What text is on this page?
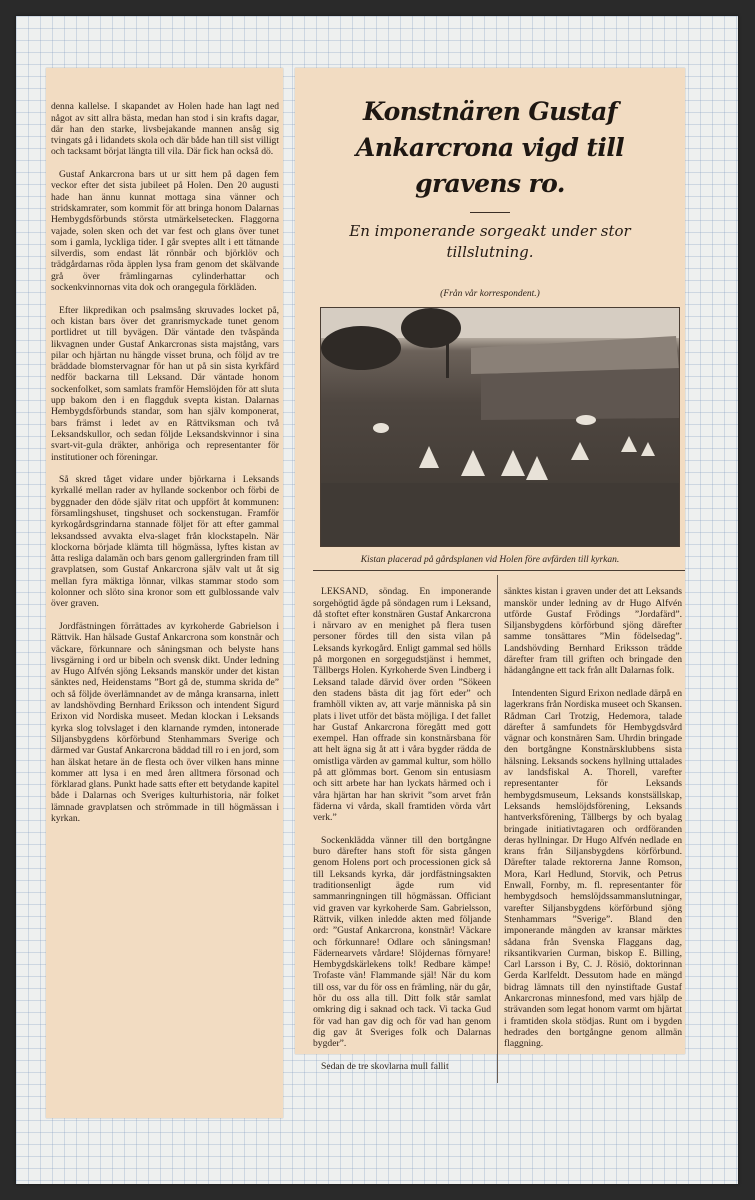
denna kallelse. I skapandet av Holen hade han lagt ned något av sitt allra bästa, medan han stod i sin krafts dagar, där han den starke, livsbejakande mannen ansåg sig tvingats gå i lidandets skola och där både han till sist villigt och tacksamt börjat längta till vila. Där fick han också dö.

Gustaf Ankarcrona bars ut ur sitt hem på dagen fem veckor efter det sista jubileet på Holen. Den 20 augusti hade han ännu kunnat mottaga sina vänner och stridskamrater, som kommit för att bringa honom Dalarnas Hembygdsförbunds största utmärkelsetecken. Flaggorna vajade, solen sken och det var fest och glans över tunet som i gamla, lyckliga tider. I går sveptes allt i ett tätnande silverdis, som endast lät rönnbär och björklöv och trädgårdarnas röda äpplen lysa fram genom det skälvande grå över främlingarnas cylinderhattar och sockenkvinnornas vita dok och orangegula förkläden.

Efter likpredikan och psalmsång skruvades locket på, och kistan bars över det granrismyckade tunet genom portlidret ut till byvägen. Där väntade den tvåspända likvagnen under Gustaf Ankarcronas sista majstång, vars pilar och hjärtan nu hängde visset bruna, och följd av tre bräddade blomstervagnar för han ut på sin sista kyrkfärd nedför backarna till Leksand. Där väntade honom sockenfolket, som samlats framför Hemslöjden för att sluta upp bakom den i en flaggduk svepta kistan. Dalarnas Hembygdsförbunds standar, som han själv komponerat, bars främst i ledet av en Rättviksman och två Leksandskullor, och sedan följde Leksandskvinnor i sina svart-vit-gula dräkter, anhöriga och representanter för institutioner och föreningar.

Så skred tåget vidare under björkarna i Leksands kyrkallé mellan rader av hyllande sockenbor och förbi de byggnader den döde själv ritat och uppfört åt kommunen: församlingshuset, tingshuset och sockenstugan. Framför kyrkogårdsgrindarna stannade följet för att efter gammal leksandssed avvakta elva-slaget från klockstapeln. När klockorna började klämta till högmässa, lyftes kistan av åtta resliga dalamän och bars genom gallergrinden fram till gravplatsen, som Gustaf Ankarcrona själv valt ut åt sig mellan fyra mäktiga lönnar, vilkas stammar stodo som kolonner och slöto sina kronor som ett gulblossande valv över graven.

Jordfästningen förrättades av kyrkoherde Gabrielson i Rättvik. Han hälsade Gustaf Ankarcrona som konstnär och väckare, förkunnare och såningsman och belyste hans livsgärning i ord ur bibeln och svensk dikt. Under ledning av Hugo Alfvén sjöng Leksands manskör under det kistan sänktes ned, Heidenstams ”Bort gå de, stumma skrida de” och så följde överlämnandet av de många kransarna, inlett av landshövding Bernhard Eriksson och intendent Sigurd Erixon vid Nordiska museet. Medan klockan i Leksands kyrka slog tolvslaget i den klarnande rymden, intonerade Siljansbygdens körförbund Stenhammars Sverige och därmed var Gustaf Ankarcrona bäddad till ro i en jord, som han älskat hetare än de flesta och över vilken hans minne kommer att lysa i en med åren alltmera försonad och förklarad glans. Punkt hade satts efter ett betydande kapitel både i Dalarnas och Sveriges kulturhistoria, när folket lämnade gravplatsen och strömmade in till högmässan i kyrkan.

Konstnären Gustaf Ankarcrona vigd till gravens ro.
En imponerande sorgeakt under stor tillslutning.
(Från vår korrespondent.)
Kistan placerad på gårdsplanen vid Holen före avfärden till kyrkan.

LEKSAND, söndag. En imponerande sorgehögtid ägde på söndagen rum i Leksand, då stoftet efter konstnären Gustaf Ankarcrona i närvaro av en menighet på flera tusen personer fördes till den sista vilan på Leksands kyrkogård. Enligt gammal sed hölls på morgonen en sorgegudstjänst i hemmet, Tällbergs Holen. Kyrkoherde Sven Lindberg i Leksand talade därvid över orden ”Sökeen den stadens bästa dit jag fört eder” och framhöll vikten av, att varje människa på sin plats i livet utför det bästa möjliga. I det fallet har Gustaf Ankarcrona föregått med gott exempel. Han offrade sin konstnärsbana för att helt ägna sig åt att i våra bygder rädda de omistliga värden av gammal kultur, som höllo på att glömmas bort. Genom sin entusiasm och sitt arbete har han lyckats härmed och i våra hjärtan har han skrivit ”som arvet från fäderna vi vårda, skall framtiden vörda vårt verk.”

Sockenklädda vänner till den bortgångne buro därefter hans stoft för sista gången genom Holens port och processionen gick så till Leksands kyrka, där jordfästningsakten traditionsenligt ägde rum vid sammanringningen till högmässan. Officiant vid graven var kyrkoherde Sam. Gabrielsson, Rättvik, vilken inledde akten med följande ord: ”Gustaf Ankarcrona, konstnär! Väckare och förkunnare! Odlare och såningsman! Fädernearvets vårdare! Slöjdernas förnyare! Hembygdskärlekens tolk! Redbare kämpe! Trofaste vän! Flammande själ! När du kom till oss, var du för oss en främling, när du går, hör du oss alla till. Ditt folk står samlat omkring dig i saknad och tack. Vi tacka Gud för vad han gav dig och för vad han genom dig gav åt Sveriges folk och Dalarnas bygder”.

Sedan de tre skovlarna mull fallit

sänktes kistan i graven under det att Leksands manskör under ledning av dr Hugo Alfvén utförde Gustaf Frödings ”Jordafärd”. Siljansbygdens körförbund sjöng därefter samme tonsättares ”Min födelsedag”. Landshövding Bernhard Eriksson trädde därefter fram till griften och bringade den hädangångne ett tack från allt Dalarnas folk.

Intendenten Sigurd Erixon nedlade därpå en lagerkrans från Nordiska museet och Skansen. Rådman Carl Trotzig, Hedemora, talade därefter å samfundets för Hembygdsvård vägnar och konstnären Sam. Uhrdin bringade den bortgångne Konstnärsklubbens sista hälsning. Leksands sockens hyllning uttalades av landsfiskal A. Thorell, varefter representanter för Leksands hembygdsmuseum, Leksands konstsällskap, Leksands hemslöjdsförening, Leksands hantverksförening, Tällbergs by och byalag bringade initiativtagaren och ordföranden deras hyllningar. Dr Hugo Alfvén nedlade en krans från Siljansbygdens körförbund. Därefter talade rektorerna Janne Romson, Mora, Karl Hedlund, Storvik, och Petrus Enwall, Fornby, m. fl. representanter för hembygdsoch hemslöjdssammanslutningar, varefter Siljansbygdens körförbund sjöng Stenhammars ”Sverige”. Bland den imponerande mängden av kransar märktes sådana från Svenska Flaggans dag, riksantikvarien Curman, biskop E. Billing, Carl Larsson i By, C. J. Rösiö, doktorinnan Gerda Karlfeldt. Dessutom hade en mängd bidrag lämnats till den nyinstiftade Gustaf Ankarcronas minnesfond, med vars hjälp de strävanden som legat honom varmt om hjärtat i framtiden skola stödjas. Runt om i bygden hedrades den bortgångne genom allmän flaggning.
